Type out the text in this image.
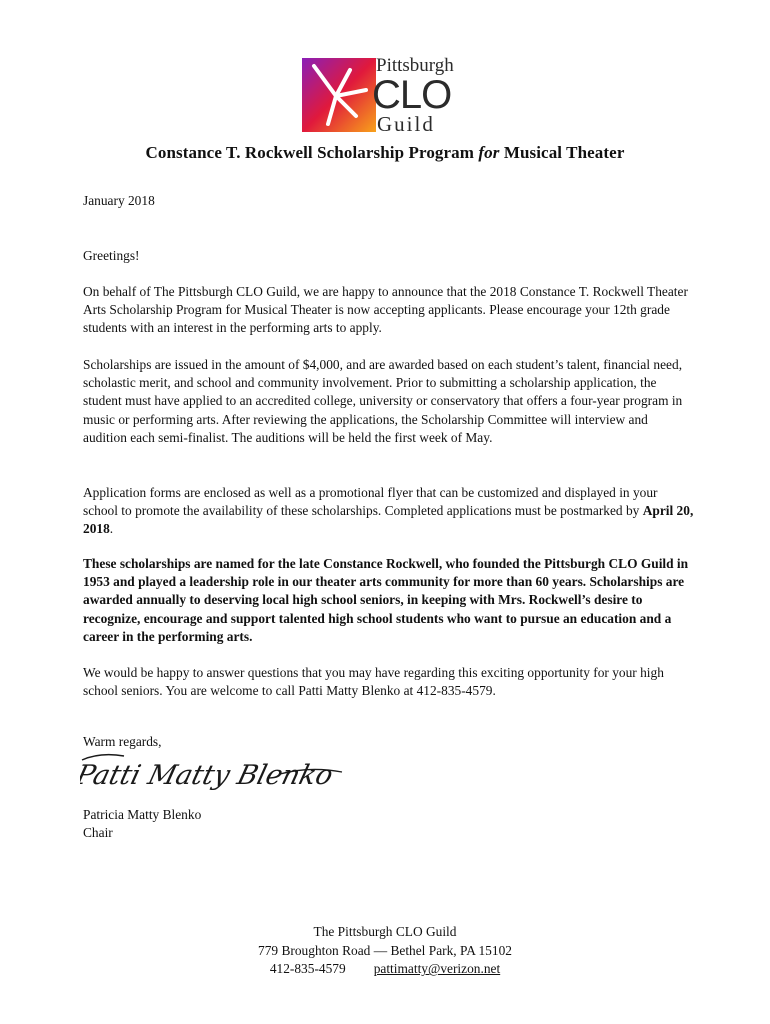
Pittsburgh
CLO
Guild
Constance T. Rockwell Scholarship Program for Musical Theater
January 2018
Greetings!

On behalf of The Pittsburgh CLO Guild, we are happy to announce that the 2018 Constance T. Rockwell Theater Arts Scholarship Program for Musical Theater is now accepting applicants. Please encourage your 12th grade students with an interest in the performing arts to apply.

Scholarships are issued in the amount of $4,000, and are awarded based on each student’s talent, financial need, scholastic merit, and school and community involvement. Prior to submitting a scholarship application, the student must have applied to an accredited college, university or conservatory that offers a four-year program in music or performing arts. After reviewing the applications, the Scholarship Committee will interview and audition each semi-finalist. The auditions will be held the first week of May.

Application forms are enclosed as well as a promotional flyer that can be customized and displayed in your school to promote the availability of these scholarships. Completed applications must be postmarked by April 20, 2018.

These scholarships are named for the late Constance Rockwell, who founded the Pittsburgh CLO Guild in 1953 and played a leadership role in our theater arts community for more than 60 years. Scholarships are awarded annually to deserving local high school seniors, in keeping with Mrs. Rockwell’s desire to recognize, encourage and support talented high school students who want to pursue an education and a career in the performing arts.

We would be happy to answer questions that you may have regarding this exciting opportunity for your high school seniors. You are welcome to call Patti Matty Blenko at 412-835-4579.

Warm regards,
Patti Matty Blenko
Patricia Matty Blenko
Chair
The Pittsburgh CLO Guild
779 Broughton Road — Bethel Park, PA 15102
412-835-4579 pattimatty@verizon.net
